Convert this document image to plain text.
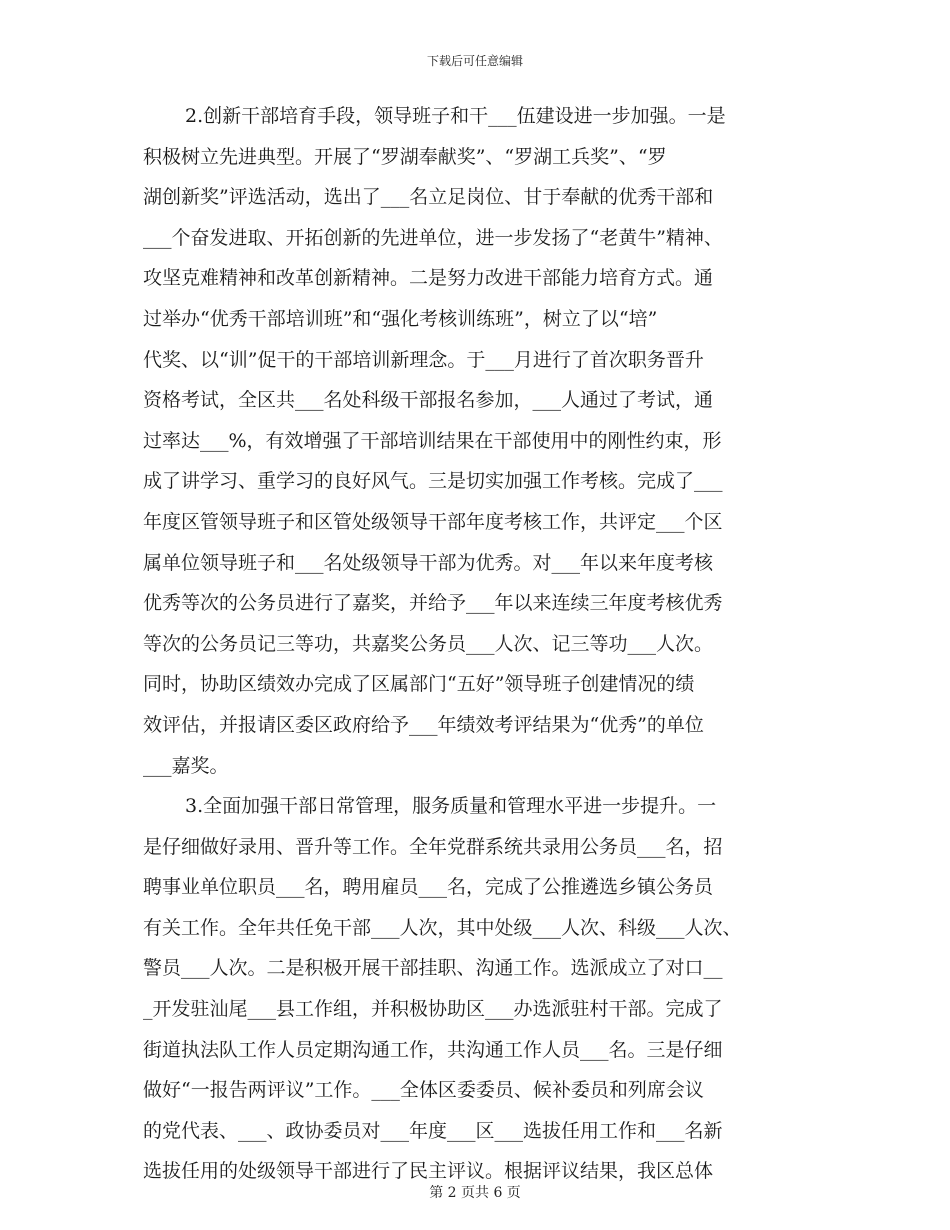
下载后可任意编辑
2.创新干部培育手段，领导班子和干___伍建设进一步加强。一是
积极树立先进典型。开展了“罗湖奉献奖”、“罗湖工兵奖”、“罗
湖创新奖”评选活动，选出了___名立足岗位、甘于奉献的优秀干部和
___个奋发进取、开拓创新的先进单位，进一步发扬了“老黄牛”精神、
攻坚克难精神和改革创新精神。二是努力改进干部能力培育方式。通
过举办“优秀干部培训班”和“强化考核训练班”，树立了以“培”
代奖、以“训”促干的干部培训新理念。于___月进行了首次职务晋升
资格考试，全区共___名处科级干部报名参加，___人通过了考试，通
过率达___%，有效增强了干部培训结果在干部使用中的刚性约束，形
成了讲学习、重学习的良好风气。三是切实加强工作考核。完成了___
年度区管领导班子和区管处级领导干部年度考核工作，共评定___个区
属单位领导班子和___名处级领导干部为优秀。对___年以来年度考核
优秀等次的公务员进行了嘉奖，并给予___年以来连续三年度考核优秀
等次的公务员记三等功，共嘉奖公务员___人次、记三等功___人次。
同时，协助区绩效办完成了区属部门“五好”领导班子创建情况的绩
效评估，并报请区委区政府给予___年绩效考评结果为“优秀”的单位
___嘉奖。
3.全面加强干部日常管理，服务质量和管理水平进一步提升。一
是仔细做好录用、晋升等工作。全年党群系统共录用公务员___名，招
聘事业单位职员___名，聘用雇员___名，完成了公推遴选乡镇公务员
有关工作。全年共任免干部___人次，其中处级___人次、科级___人次、
警员___人次。二是积极开展干部挂职、沟通工作。选派成立了对口__
_开发驻汕尾___县工作组，并积极协助区___办选派驻村干部。完成了
街道执法队工作人员定期沟通工作，共沟通工作人员___名。三是仔细
做好“一报告两评议”工作。___全体区委委员、候补委员和列席会议
的党代表、___、政协委员对___年度___区___选拔任用工作和___名新
选拔任用的处级领导干部进行了民主评议。根据评议结果，我区总体
第 2 页共 6 页
